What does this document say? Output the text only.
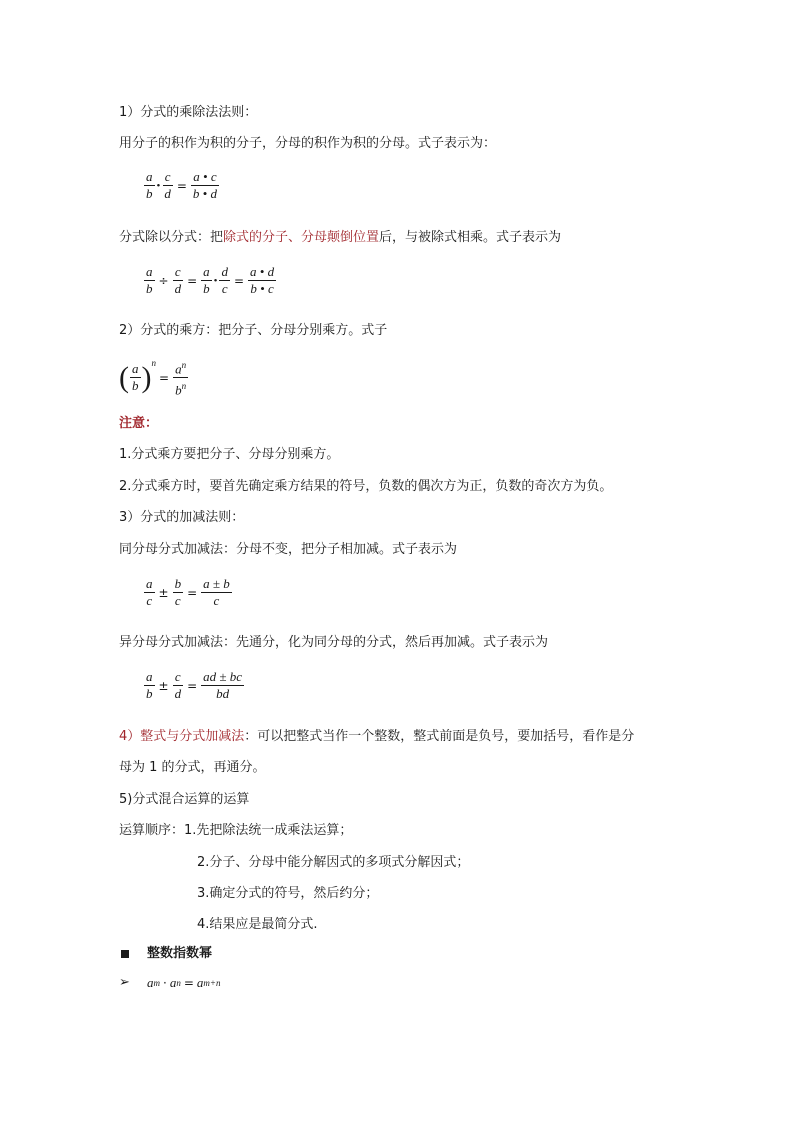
1）分式的乘除法法则：
用分子的积作为积的分子，分母的积作为积的分母。式子表示为：
$\frac{a}{b}$ • $\frac{c}{d} = \frac{a • c}{b • d}$
分式除以分式：把除式的分子、分母颠倒位置后，与被除式相乘。式子表示为
$\frac{a}{b} \div \frac{c}{d} = \frac{a}{b}$ • $\frac{d}{c} = \frac{a • d}{b • c}$
2）分式的乘方：把分子、分母分别乘方。式子
( $\frac{a}{b} )^n$
= $\frac{a^n}{b^n}$
注意：
1.分式乘方要把分子、分母分别乘方。
2.分式乘方时，要首先确定乘方结果的符号，负数的偶次方为正，负数的奇次方为负。
3）分式的加减法则：
同分母分式加减法：分母不变，把分子相加减。式子表示为
$\frac{a}{c} \pm \frac{b}{c} = \frac{a \pm b}{c}$
异分母分式加减法：先通分，化为同分母的分式，然后再加减。式子表示为
$\frac{a}{b} \pm \frac{c}{d} = \frac{ad \pm bc}{bd}$
4）整式与分式加减法：可以把整式当作一个整数，整式前面是负号，要加括号，看作是分
母为 1 的分式，再通分。
5)分式混合运算的运算
运算顺序：1.先把除法统一成乘法运算；
2.分子、分母中能分解因式的多项式分解因式；
3.确定分式的符号，然后约分；
4.结果应是最简分式.
整数指数幂
➢ a m · a n = a m+n
